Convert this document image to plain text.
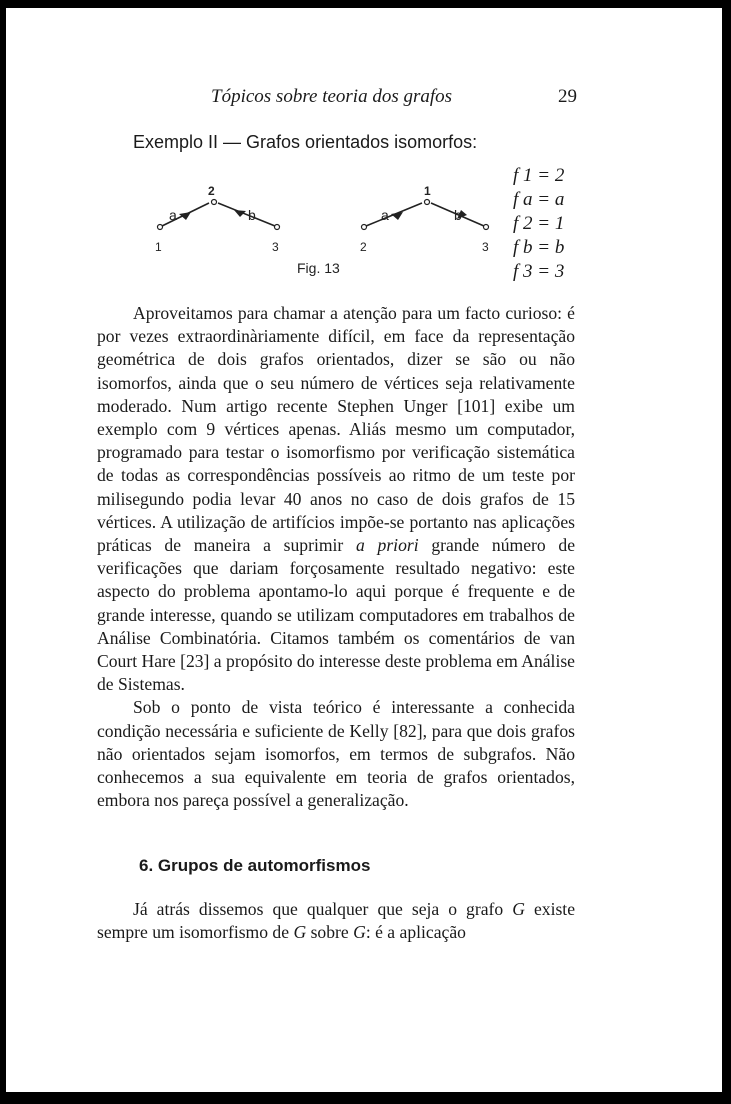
Tópicos sobre teoria dos grafos	29
Exemplo II — Grafos orientados isomorfos:
2
1	3
a	b
1
2	3
a	b
Fig. 13
f 1 = 2
f a = a
f 2 = 1
f b = b
f 3 = 3

Aproveitamos para chamar a atenção para um facto curioso: é por vezes extraordinàriamente difícil, em face da representação geométrica de dois grafos orientados, dizer se são ou não isomorfos, ainda que o seu número de vértices seja relativamente moderado. Num artigo recente Stephen Unger [101] exibe um exemplo com 9 vértices apenas. Aliás mesmo um computador, programado para testar o isomorfismo por verificação sistemática de todas as correspondências possíveis ao ritmo de um teste por milisegundo podia levar 40 anos no caso de dois grafos de 15 vértices. A utilização de artifícios impõe-se portanto nas aplicações práticas de maneira a suprimir a priori grande número de verificações que dariam forçosamente resultado negativo: este aspecto do problema apontamo-lo aqui porque é frequente e de grande interesse, quando se utilizam computadores em trabalhos de Análise Combinatória. Citamos também os comentários de van Court Hare [23] a propósito do interesse deste problema em Análise de Sistemas.

Sob o ponto de vista teórico é interessante a conhecida condição necessária e suficiente de Kelly [82], para que dois grafos não orientados sejam isomorfos, em termos de subgrafos. Não conhecemos a sua equivalente em teoria de grafos orientados, embora nos pareça possível a generalização.

6. Grupos de automorfismos

Já atrás dissemos que qualquer que seja o grafo G existe sempre um isomorfismo de G sobre G: é a aplicação
